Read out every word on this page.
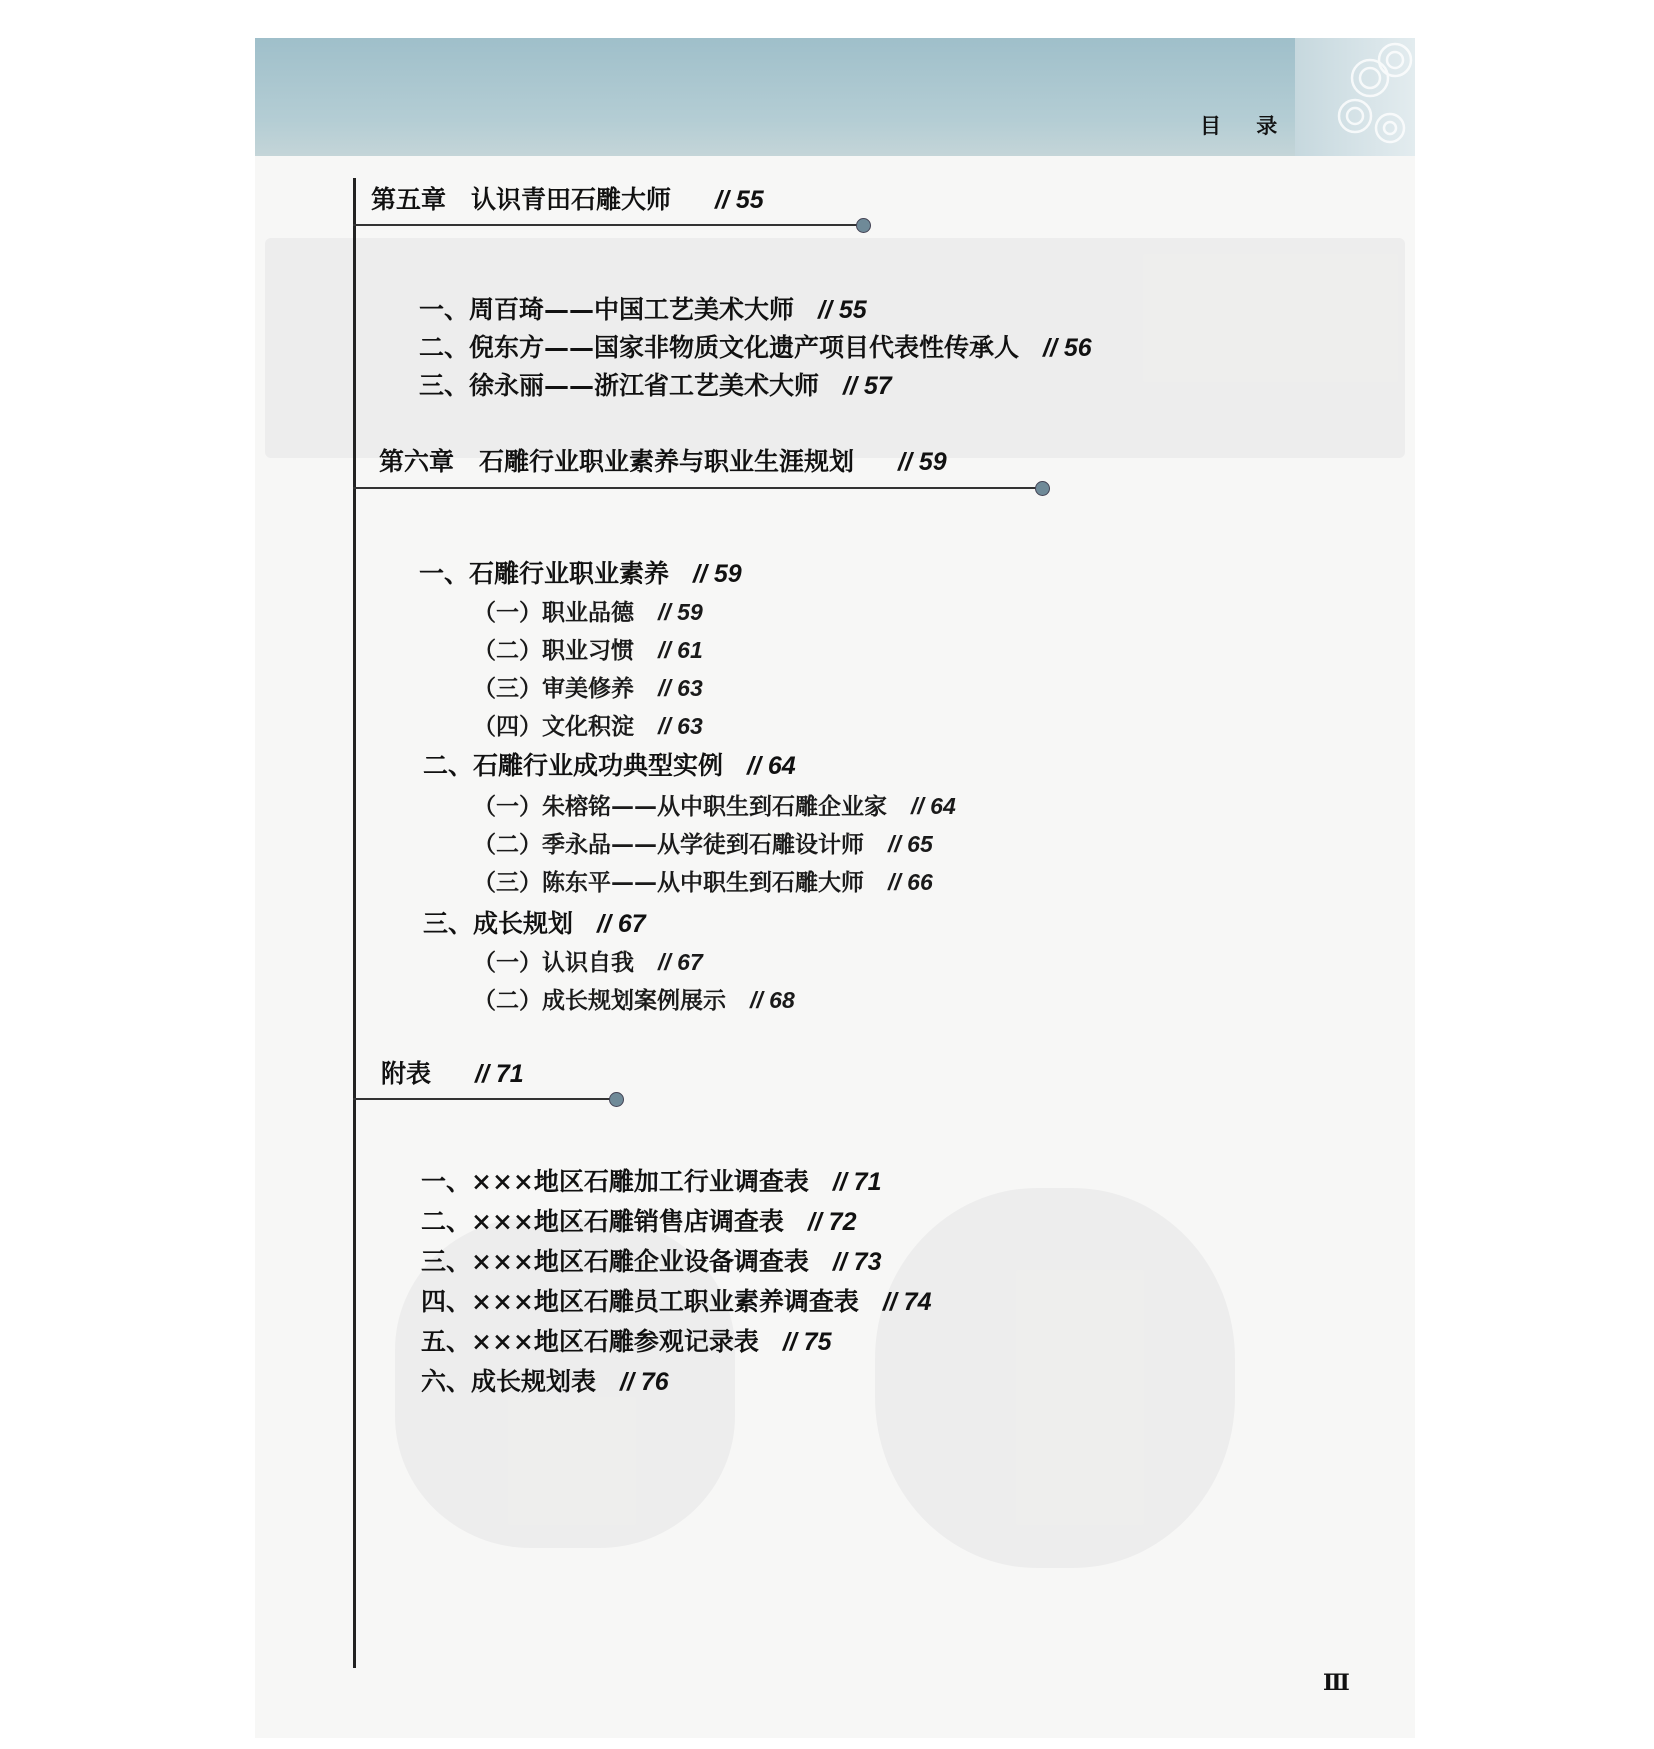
目 录
第五章　认识青田石雕大师 // 55
一、周百琦——中国工艺美术大师 // 55
二、倪东方——国家非物质文化遗产项目代表性传承人 // 56
三、徐永丽——浙江省工艺美术大师 // 57
第六章　石雕行业职业素养与职业生涯规划 // 59
一、石雕行业职业素养 // 59
（一）职业品德 // 59
（二）职业习惯 // 61
（三）审美修养 // 63
（四）文化积淀 // 63
二、石雕行业成功典型实例 // 64
（一）朱榕铭——从中职生到石雕企业家 // 64
（二）季永品——从学徒到石雕设计师 // 65
（三）陈东平——从中职生到石雕大师 // 66
三、成长规划 // 67
（一）认识自我 // 67
（二）成长规划案例展示 // 68
附表 // 71
一、×××地区石雕加工行业调查表 // 71
二、×××地区石雕销售店调查表 // 72
三、×××地区石雕企业设备调查表 // 73
四、×××地区石雕员工职业素养调查表 // 74
五、×××地区石雕参观记录表 // 75
六、成长规划表 // 76
Ⅲ
